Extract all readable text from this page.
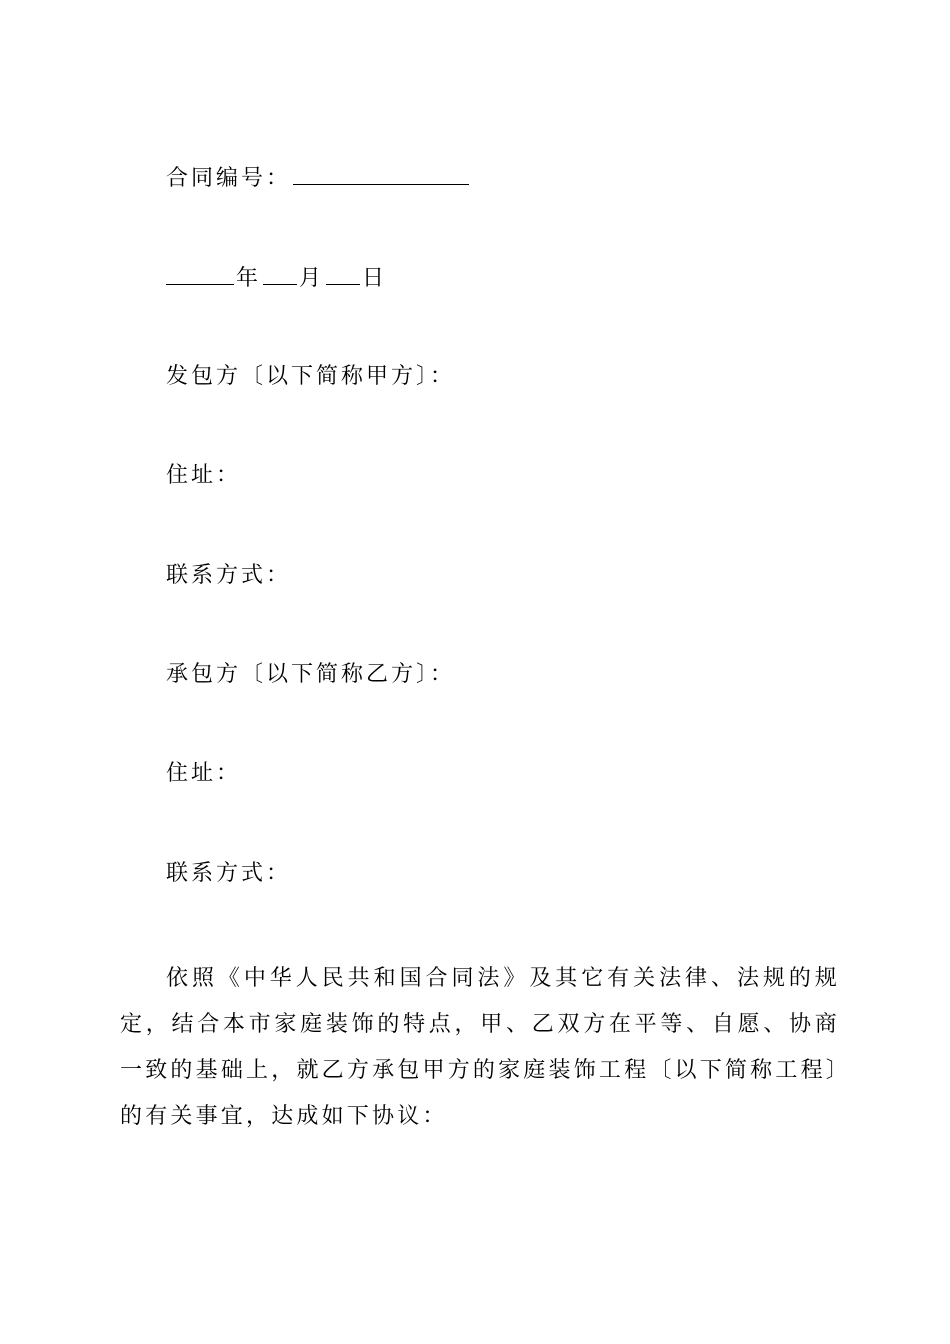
合同编号：
年 月 日
发包方〔以下简称甲方〕：
住址：
联系方式：
承包方〔以下简称乙方〕：
住址：
联系方式：
依照《中华人民共和国合同法》及其它有关法律、法规的规定，结合本市家庭装饰的特点，甲、乙双方在平等、自愿、协商一致的基础上，就乙方承包甲方的家庭装饰工程〔以下简称工程〕的有关事宜，达成如下协议：
